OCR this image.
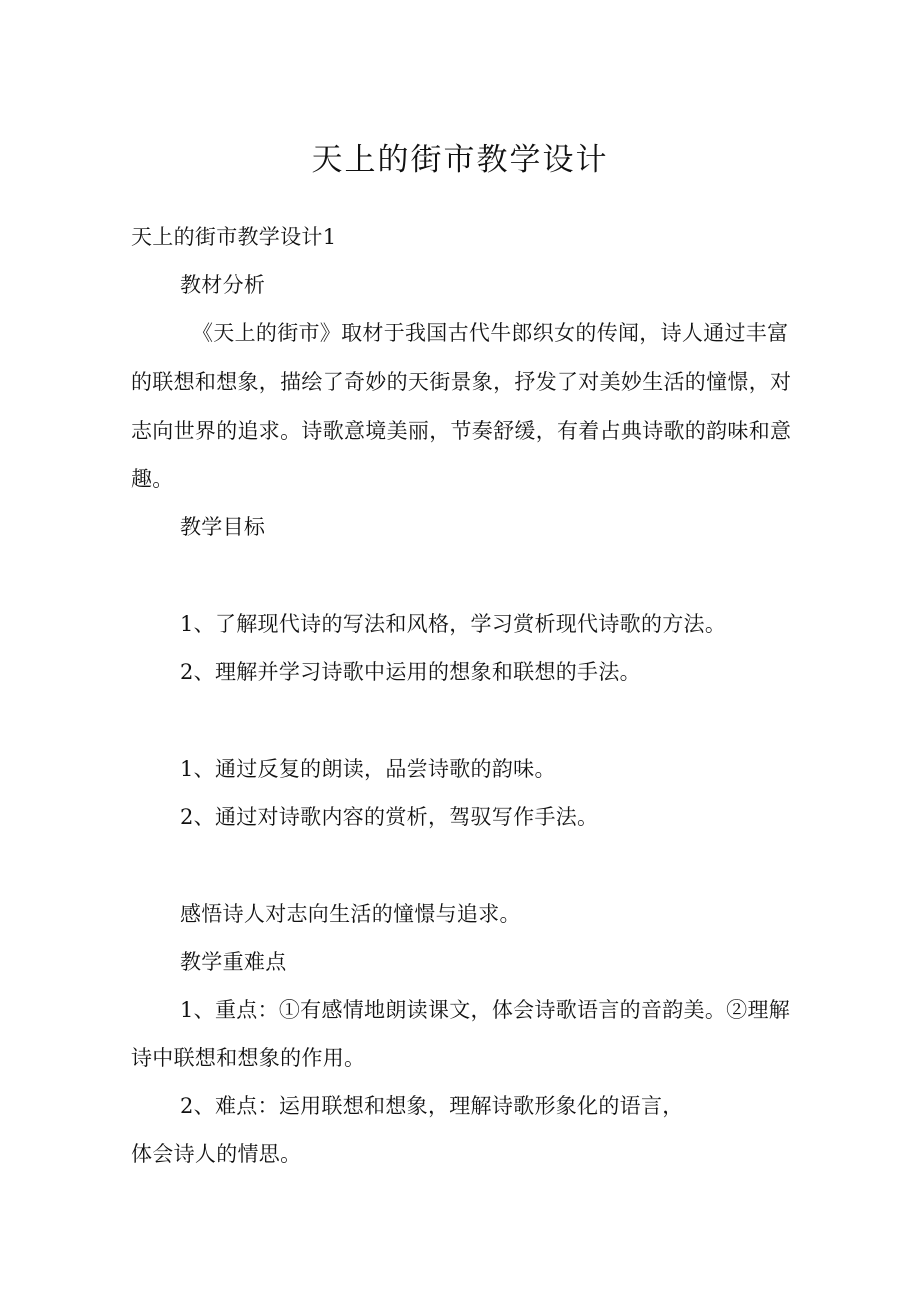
天上的街市教学设计
天上的街市教学设计1
教材分析
《天上的街市》取材于我国古代牛郎织女的传闻，诗人通过丰富
的联想和想象，描绘了奇妙的天街景象，抒发了对美妙生活的憧憬，对
志向世界的追求。诗歌意境美丽，节奏舒缓，有着占典诗歌的韵味和意
趣。
教学目标
1、了解现代诗的写法和风格，学习赏析现代诗歌的方法。
2、理解并学习诗歌中运用的想象和联想的手法。
1、通过反复的朗读，品尝诗歌的韵味。
2、通过对诗歌内容的赏析，驾驭写作手法。
感悟诗人对志向生活的憧憬与追求。
教学重难点
1、重点：①有感情地朗读课文，体会诗歌语言的音韵美。②理解
诗中联想和想象的作用。
2、难点：运用联想和想象，理解诗歌形象化的语言，
体会诗人的情思。
